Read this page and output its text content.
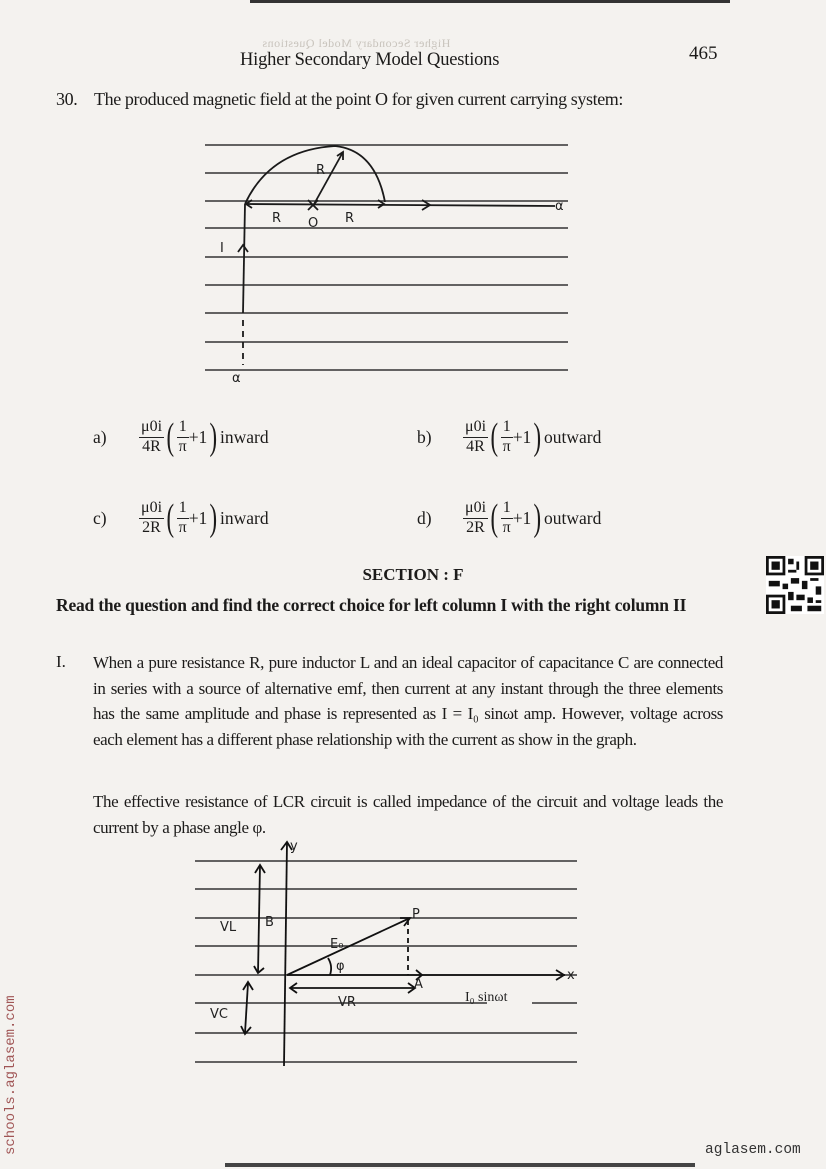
Higher Secondary Model Questions
Higher Secondary Model Questions	465
30. The produced magnetic field at the point O for given current carrying system:
R
R O R
I
α
α
a)	$\frac{\mu 0i}{4R}$ ( $\frac{1}{\pi} +1$ ) inward	b)	$\frac{\mu 0i}{4R}$ ( $\frac{1}{\pi} +1$ ) outward
c)	$\frac{\mu 0i}{2R}$ ( $\frac{1}{\pi} +1$ ) inward	d)	$\frac{\mu 0i}{2R}$ ( $\frac{1}{\pi} +1$ ) outward
SECTION : F
Read the question and find the correct choice for left column I with the right column II
I. When a pure resistance R, pure inductor L and an ideal capacitor of capacitance C are connected in series with a source of alternative emf, then current at any instant through the three elements has the same amplitude and phase is represented as I = I₀ sinωt amp. However, voltage across each element has a different phase relationship with the current as show in the graph.
The effective resistance of LCR circuit is called impedance of the circuit and voltage leads the current by a phase angle φ.
y
x
VL B
P
E₀
φ
A
VR
VC
I₀ sinωt
schools.aglasem.com	aglasem.com
